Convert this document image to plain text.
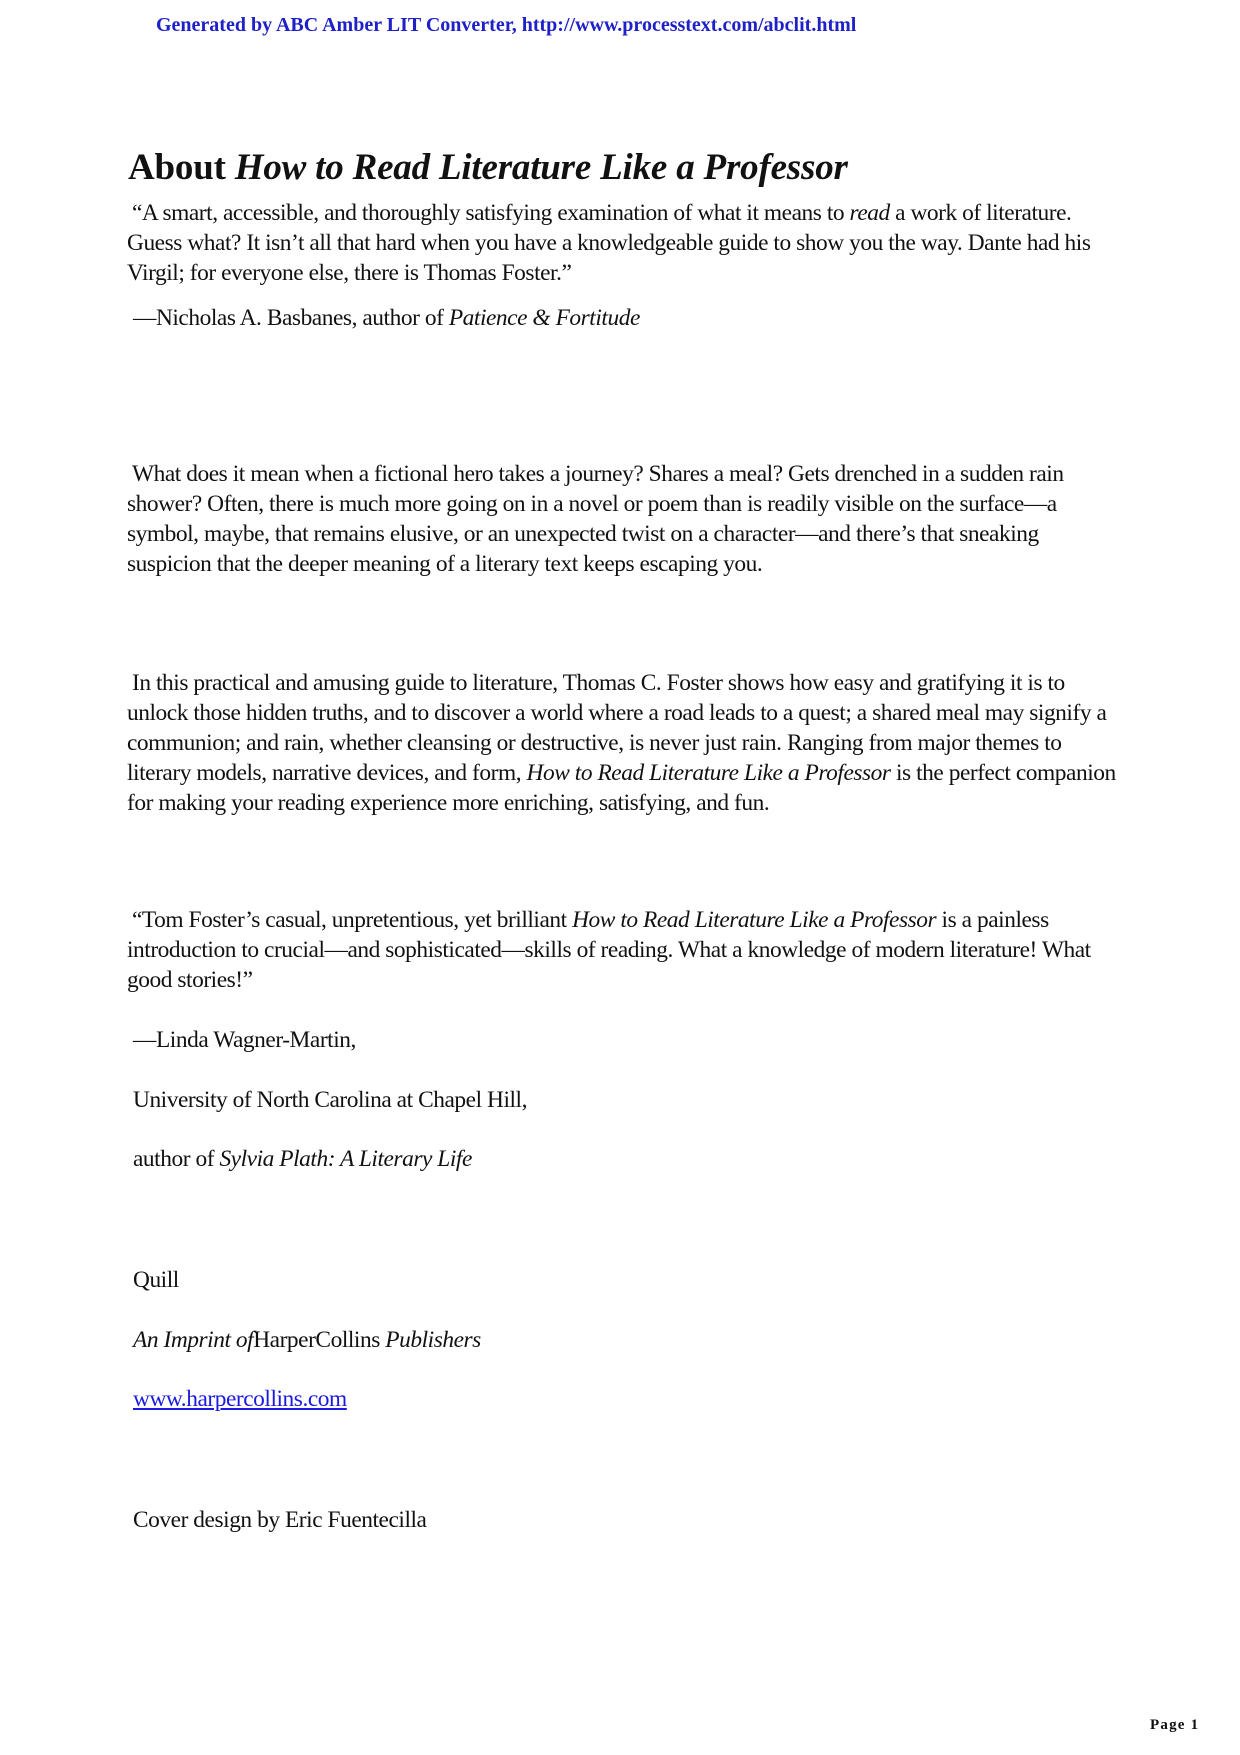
Generated by ABC Amber LIT Converter, http://www.processtext.com/abclit.html
About How to Read Literature Like a Professor

“A smart, accessible, and thoroughly satisfying examination of what it means to read a work of literature. Guess what? It isn’t all that hard when you have a knowledgeable guide to show you the way. Dante had his Virgil; for everyone else, there is Thomas Foster.”

—Nicholas A. Basbanes, author of Patience & Fortitude

What does it mean when a fictional hero takes a journey? Shares a meal? Gets drenched in a sudden rain shower? Often, there is much more going on in a novel or poem than is readily visible on the surface—a symbol, maybe, that remains elusive, or an unexpected twist on a character—and there’s that sneaking suspicion that the deeper meaning of a literary text keeps escaping you.

In this practical and amusing guide to literature, Thomas C. Foster shows how easy and gratifying it is to unlock those hidden truths, and to discover a world where a road leads to a quest; a shared meal may signify a communion; and rain, whether cleansing or destructive, is never just rain. Ranging from major themes to literary models, narrative devices, and form, How to Read Literature Like a Professor is the perfect companion for making your reading experience more enriching, satisfying, and fun.

“Tom Foster’s casual, unpretentious, yet brilliant How to Read Literature Like a Professor is a painless introduction to crucial—and sophisticated—skills of reading. What a knowledge of modern literature! What good stories!”

—Linda Wagner-Martin,

University of North Carolina at Chapel Hill,

author of Sylvia Plath: A Literary Life

Quill

An Imprint ofHarperCollins Publishers

www.harpercollins.com

Cover design by Eric Fuentecilla

Page 1
